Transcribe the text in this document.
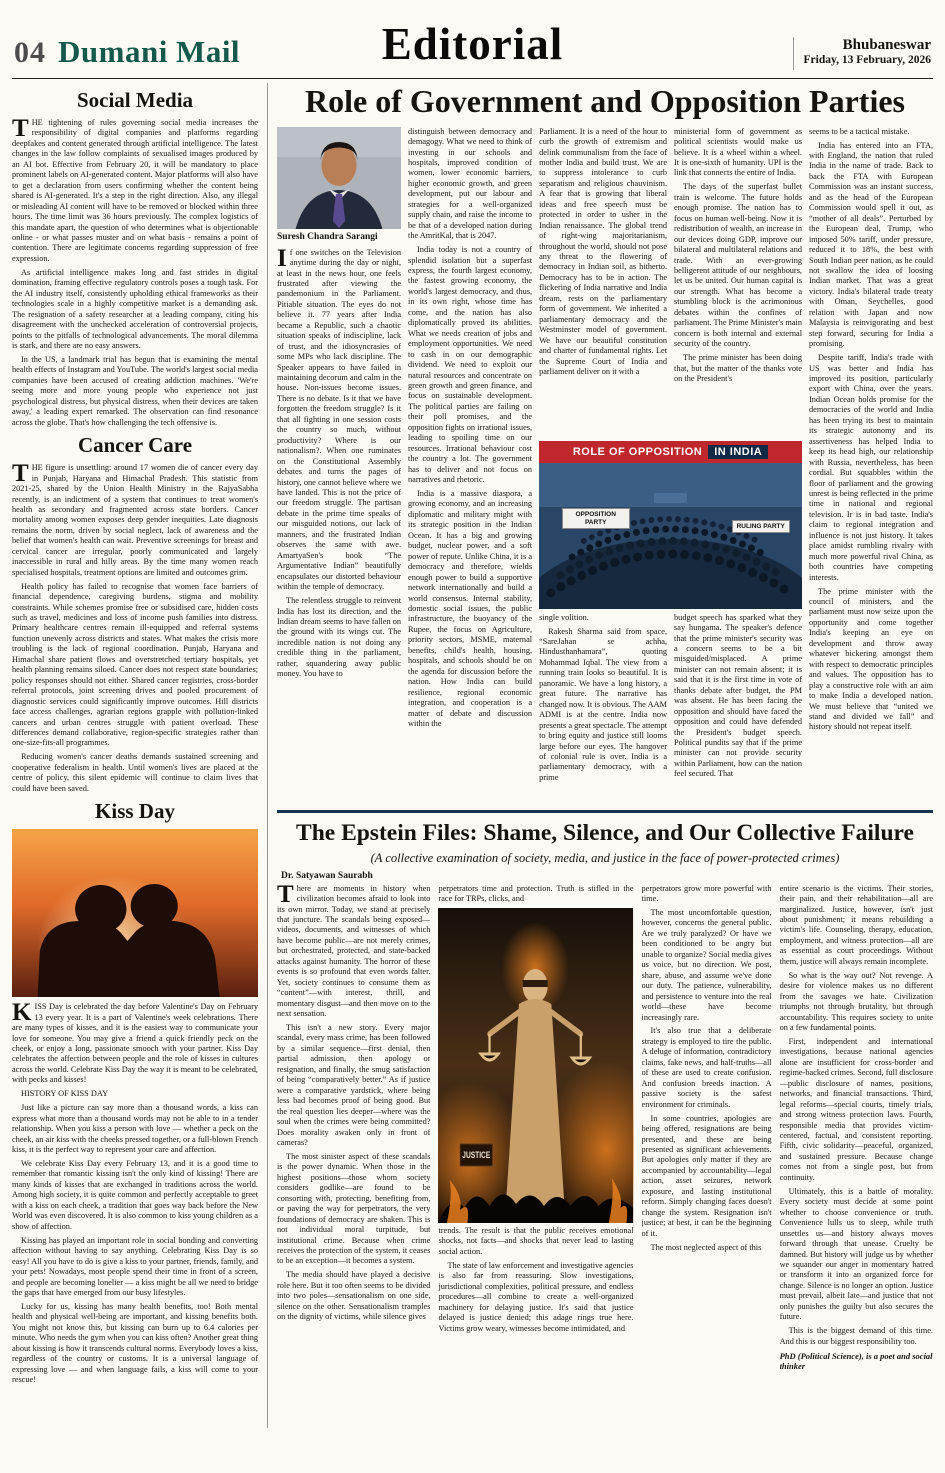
04 Dumani Mail	Editorial	Bhubaneswar
Friday, 13 February, 2026
Social Media

THE tightening of rules governing social media increases the responsibility of digital companies and platforms regarding deepfakes and content generated through artificial intelligence. The latest changes in the law follow complaints of sexualised images produced by an AI bot. Effective from February 20, it will be mandatory to place prominent labels on AI-generated content. Major platforms will also have to get a declaration from users confirming whether the content being shared is AI-generated. It's a step in the right direction. Also, any illegal or misleading AI content will have to be removed or blocked within three hours. The time limit was 36 hours previously. The complex logistics of this mandate apart, the question of who determines what is objectionable online - or what passes muster and on what basis - remains a point of contention. There are legitimate concerns regarding suppression of free expression.

As artificial intelligence makes long and fast strides in digital domination, framing effective regulatory controls poses a tough task. For the AI industry itself, consistently upholding ethical frameworks as their technologies scale in a highly competitive market is a demanding ask. The resignation of a safety researcher at a leading company, citing his disagreement with the unchecked acceleration of controversial projects, points to the pitfalls of technological advancements. The moral dilemma is stark, and there are no easy answers.

In the US, a landmark trial has begun that is examining the mental health effects of Instagram and YouTube. The world's largest social media companies have been accused of creating addiction machines. 'We're seeing more and more young people who experience not just psychological distress, but physical distress, when their devices are taken away,' a leading expert remarked. The observation can find resonance across the globe. That's how challenging the tech offensive is.

Cancer Care

THE figure is unsettling: around 17 women die of cancer every day in Punjab, Haryana and Himachal Pradesh. This statistic from 2021-25, shared by the Union Health Ministry in the RajyaSabha recently, is an indictment of a system that continues to treat women's health as secondary and fragmented across state borders. Cancer mortality among women exposes deep gender inequities. Late diagnosis remains the norm, driven by social neglect, lack of awareness and the belief that women's health can wait. Preventive screenings for breast and cervical cancer are irregular, poorly communicated and largely inaccessible in rural and hilly areas. By the time many women reach specialised hospitals, treatment options are limited and outcomes grim.

Health policy has failed to recognise that women face barriers of financial dependence, caregiving burdens, stigma and mobility constraints. While schemes promise free or subsidised care, hidden costs such as travel, medicines and loss of income push families into distress. Primary healthcare centres remain ill-equipped and referral systems function unevenly across districts and states. What makes the crisis more troubling is the lack of regional coordination. Punjab, Haryana and Himachal share patient flows and overstretched tertiary hospitals, yet health planning remains siloed. Cancer does not respect state boundaries; policy responses should not either. Shared cancer registries, cross-border referral protocols, joint screening drives and pooled procurement of diagnostic services could significantly improve outcomes. Hill districts face access challenges, agrarian regions grapple with pollution-linked cancers and urban centres struggle with patient overload. These differences demand collaborative, region-specific strategies rather than one-size-fits-all programmes.

Reducing women's cancer deaths demands sustained screening and cooperative federalism in health. Until women's lives are placed at the centre of policy, this silent epidemic will continue to claim lives that could have been saved.

Kiss Day

KISS Day is celebrated the day before Valentine's Day on February 13 every year. It is a part of Valentine's week celebrations. There are many types of kisses, and it is the easiest way to communicate your love for someone. You may give a friend a quick friendly peck on the cheek, or enjoy a long, passionate smooch with your partner. Kiss Day celebrates the affection between people and the role of kisses in cultures across the world. Celebrate Kiss Day the way it is meant to be celebrated, with pecks and kisses!

HISTORY OF KISS DAY

Just like a picture can say more than a thousand words, a kiss can express what more than a thousand words may not be able to in a tender relationship. When you kiss a person with love — whether a peck on the cheek, an air kiss with the cheeks pressed together, or a full-blown French kiss, it is the perfect way to represent your care and affection.

We celebrate Kiss Day every February 13, and it is a good time to remember that romantic kissing isn't the only kind of kissing! There are many kinds of kisses that are exchanged in traditions across the world. Among high society, it is quite common and perfectly acceptable to greet with a kiss on each cheek, a tradition that goes way back before the New World was even discovered. It is also common to kiss young children as a show of affection.

Kissing has played an important role in social bonding and converting affection without having to say anything. Celebrating Kiss Day is so easy! All you have to do is give a kiss to your partner, friends, family, and your pets! Nowadays, most people spend their time in front of a screen, and people are becoming lonelier — a kiss might be all we need to bridge the gaps that have emerged from our busy lifestyles.

Lucky for us, kissing has many health benefits, too! Both mental health and physical well-being are important, and kissing benefits both. You might not know this, but kissing can burn up to 6.4 calories per minute. Who needs the gym when you can kiss often? Another great thing about kissing is how it transcends cultural norms. Everybody loves a kiss, regardless of the country or customs. It is a universal language of expressing love — and when language fails, a kiss will come to your rescue!

Role of Government and Opposition Parties
Suresh Chandra Sarangi

If one switches on the Television anytime during the day or night, at least in the news hour, one feels frustrated after viewing the pandemonium in the Parliament. Pitiable situation. The eyes do not believe it. 77 years after India became a Republic, such a chaotic situation speaks of indiscipline, lack of trust, and the idiosyncrasies of some MPs who lack discipline. The Speaker appears to have failed in maintaining decorum and calm in the house. Non-issues become issues. There is no debate. Is it that we have forgotten the freedom struggle? Is it that all fighting in one session costs the country so much, without productivity? Where is our nationalism?. When one ruminates on the Constitutional Assembly debates and turns the pages of history, one cannot believe where we have landed. This is not the price of our freedom struggle. The partisan debate in the prime time speaks of our misguided notions, our lack of manners, and the frustrated Indian observes the same with awe. AmartyaSen's book “The Argumentative Indian” beautifully encapsulates our distorted behaviour within the temple of democracy.

The relentless struggle to reinvent India has lost its direction, and the Indian dream seems to have fallen on the ground with its wings cut. The incredible nation is not doing any credible thing in the parliament, rather, squandering away public money. You have to

distinguish between democracy and demagogy. What we need to think of investing in our schools and hospitals, improved condition of women, lower economic barriers, higher economic growth, and green development, put our labour and strategies for a well-organized supply chain, and raise the income to be that of a developed nation during the AmritKal, that is 2047.

India today is not a country of splendid isolation but a superfast express, the fourth largest economy, the fastest growing economy, the world's largest democracy, and thus, in its own right, whose time has come, and the nation has also diplomatically proved its abilities. What we needs creation of jobs and employment opportunities. We need to cash in on our demographic dividend. We need to exploit our natural resources and concentrate on green growth and green finance, and focus on sustainable development. The political parties are failing on their poll promises, and the opposition fights on irrational issues, leading to spoiling time on our resources. Irrational behaviour cost the country a lot. The government has to deliver and not focus on narratives and rhetoric.

India is a massive diaspora, a growing economy, and an increasing diplomatic and military might with its strategic position in the Indian Ocean. It has a big and growing budget, nuclear power, and a soft power of repute. Unlike China, it is a democracy and therefore, wields enough power to build a supportive network internationally and build a world consensus. Internal stability, domestic social issues, the public infrastructure, the buoyancy of the Rupee, the focus on Agriculture, priority sectors, MSME, maternal benefits, child's health, housing, hospitals, and schools should be on the agenda for discussion before the nation. How India can build resilience, regional economic integration, and cooperation is a matter of debate and discussion within the

Parliament. It is a need of the hour to curb the growth of extremism and delink communalism from the face of mother India and build trust. We are to suppress intolerance to curb separatism and religious chauvinism. A fear that is growing that liberal ideas and free speech must be protected in order to usher in the Indian renaissance. The global trend of right-wing majoritarianism, throughout the world, should not pose any threat to the flowering of democracy in Indian soil, as hitherto. Democracy has to be in action. The flickering of India narrative and India dream, rests on the parliamentary form of government. We inherited a parliamentary democracy and the Westminster model of government. We have our beautiful constitution and charter of fundamental rights. Let the Supreme Court of India and parliament deliver on it with a

ministerial form of government as political scientists would make us believe. It is a wheel within a wheel. It is one-sixth of humanity. UPI is the link that connects the entire of India.

The days of the superfast bullet train is welcome. The future holds enough promise. The nation has to focus on human well-being. Now it is redistribution of wealth, an increase in our devices doing GDP, improve our bilateral and multilateral relations and trade. With an ever-growing belligerent attitude of our neighbours, let us be united. Our human capital is our strength. What has become a stumbling block is the acrimonious debates within the confines of parliament. The Prime Minister's main concern is both internal and external security of the country.

The prime minister has been doing that, but the matter of the thanks vote on the President's

ROLE OF OPPOSITION	IN INDIA
OPPOSITION PARTY
RULING PARTY

single volition.

Rakesh Sharma said from space, “SareJahan se achha, Hindusthanhamara”, quoting Mohammad Iqbal. The view from a running train looks so beautiful. It is panoramic. We have a long history, a great future. The narrative has changed now. It is obvious. The AAM ADMI is at the centre. India now presents a great spectacle. The attempt to bring equity and justice still looms large before our eyes. The hangover of colonial rule is over. India is a parliamentary democracy, with a prime

budget speech has sparked what they say hungama. The speaker's defence that the prime minister's security was a concern seems to be a bit misguided/misplaced. A prime minister can not remain absent; it is said that it is the first time in vote of thanks debate after budget, the PM was absent. He has been facing the opposition and should have faced the opposition and could have defended the President's budget speech. Political pundits say that if the prime minister can not provide security within Parliament, how can the nation feel secured. That

seems to be a tactical mistake.

India has entered into an FTA, with England, the nation that ruled India in the name of trade. Back to back the FTA with European Commission was an instant success, and as the head of the European Commission would spell it out, as “mother of all deals”. Perturbed by the European deal, Trump, who imposed 50% tariff, under pressure, reduced it to 18%, the best with South Indian peer nation, as he could not swallow the idea of loosing Indian market. That was a great victory. India's bilateral trade treaty with Oman, Seychelles, good relation with Japan and now Malaysia is reinvigorating and best step forward, securing for India a promising.

Despite tariff, India's trade with US was better and India has improved its position, particularly export with China, over the years. Indian Ocean holds promise for the democracies of the world and India has been trying its best to maintain its strategic autonomy and its assertiveness has helped India to keep its head high, our relationship with Russia, nevertheless, has been cordial. But squabbles within the floor of parliament and the growing unrest is being reflected in the prime time in national and regional television. Ir is in bad taste. India's claim to regional integration and influence is not just history. It takes place amidst rumbling rivalry with much more powerful rival China, as both countries have competing interests.

The prime minister with the council of ministers, and the parliament must now seize upon the opportunity and come together India's keeping an eye on development and throw away whatever bickering amongst them with respect to democratic principles and values. The opposition has to play a constructive role with an aim to make India a developed nation. We must believe that “united we stand and divided we fall” and history should not repeat itself.

The Epstein Files: Shame, Silence, and Our Collective Failure
(A collective examination of society, media, and justice in the face of power-protected crimes)
Dr. Satyawan Saurabh

There are moments in history when civilization becomes afraid to look into its own mirror. Today, we stand at precisely that juncture. The scandals being exposed—videos, documents, and witnesses of which have become public—are not merely crimes, but orchestrated, protected, and state-backed attacks against humanity. The horror of these events is so profound that even words falter. Yet, society continues to consume them as “content”—with interest, thrill, and momentary disgust—and then move on to the next sensation.

This isn't a new story. Every major scandal, every mass crime, has been followed by a similar sequence—first denial, then partial admission, then apology or resignation, and finally, the smug satisfaction of being “comparatively better.” As if justice were a comparative yardstick, where being less bad becomes proof of being good. But the real question lies deeper—where was the soul when the crimes were being committed? Does morality awaken only in front of cameras?

The most sinister aspect of these scandals is the power dynamic. When those in the highest positions—those whom society considers godlike—are found to be consorting with, protecting, benefiting from, or paving the way for perpetrators, the very foundations of democracy are shaken. This is not individual moral turpitude, but institutional crime. Because when crime receives the protection of the system, it ceases to be an exception—it becomes a system.

The media should have played a decisive role here. But it too often seems to be divided into two poles—sensationalism on one side, silence on the other. Sensationalism tramples on the dignity of victims, while silence gives

perpetrators time and protection. Truth is stifled in the race for TRPs, clicks, and

JUSTICE

trends. The result is that the public receives emotional shocks, not facts—and shocks that never lead to lasting social action.

The state of law enforcement and investigative agencies is also far from reassuring. Slow investigations, jurisdictional complexities, political pressure, and endless procedures—all combine to create a well-organized machinery for delaying justice. It's said that justice delayed is justice denied; this adage rings true here. Victims grow weary, witnesses become intimidated, and

perpetrators grow more powerful with time.

The most uncomfortable question, however, concerns the general public. Are we truly paralyzed? Or have we been conditioned to be angry but unable to organize? Social media gives us voice, but no direction. We post, share, abuse, and assume we've done our duty. The patience, vulnerability, and persistence to venture into the real world—these have become increasingly rare.

It's also true that a deliberate strategy is employed to tire the public. A deluge of information, contradictory claims, fake news, and half-truths—all of these are used to create confusion. And confusion breeds inaction. A passive society is the safest environment for criminals.

In some countries, apologies are being offered, resignations are being presented, and these are being presented as significant achievements. But apologies only matter if they are accompanied by accountability—legal action, asset seizures, network exposure, and lasting institutional reform. Simply changing faces doesn't change the system. Resignation isn't justice; at best, it can be the beginning of it.

The most neglected aspect of this

entire scenario is the victims. Their stories, their pain, and their rehabilitation—all are marginalized. Justice, however, isn't just about punishment; it means rebuilding a victim's life. Counseling, therapy, education, employment, and witness protection—all are as essential as court proceedings. Without them, justice will always remain incomplete.

So what is the way out? Not revenge. A desire for violence makes us no different from the savages we hate. Civilization triumphs not through brutality, but through accountability. This requires society to unite on a few fundamental points.

First, independent and international investigations, because national agencies alone are insufficient for cross-border and regime-backed crimes. Second, full disclosure—public disclosure of names, positions, networks, and financial transactions. Third, legal reforms—special courts, timely trials, and strong witness protection laws. Fourth, responsible media that provides victim-centered, factual, and consistent reporting. Fifth, civic solidarity—peaceful, organized, and sustained pressure. Because change comes not from a single post, but from continuity.

Ultimately, this is a battle of morality. Every society must decide at some point whether to choose convenience or truth. Convenience lulls us to sleep, while truth unsettles us—and history always moves forward through that unease. Cruelty be damned. But history will judge us by whether we squander our anger in momentary hatred or transform it into an organized force for change. Silence is no longer an option. Justice must prevail, albeit late—and justice that not only punishes the guilty but also secures the future.

This is the biggest demand of this time. And this is our biggest responsibility too.

PhD (Political Science), is a poet and social thinker
